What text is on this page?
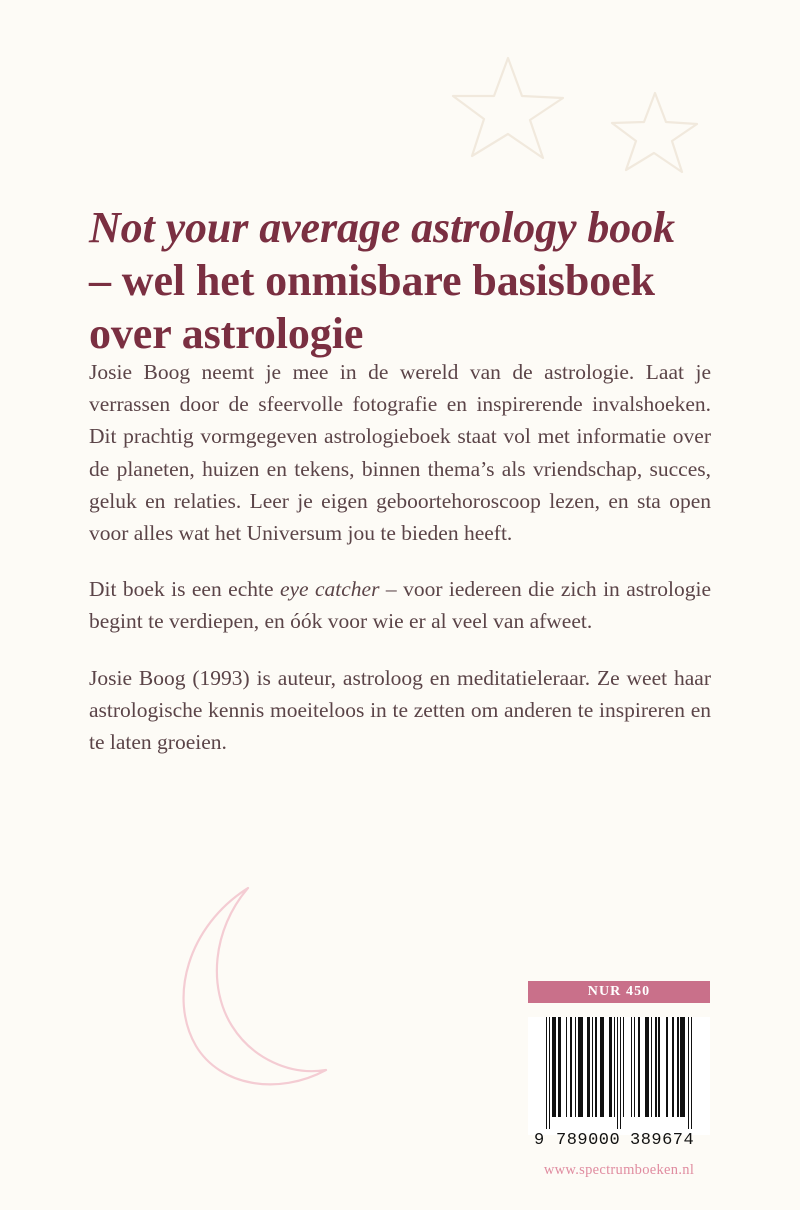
Not your average astrology book
– wel het onmisbare basisboek
over astrologie

Josie Boog neemt je mee in de wereld van de astrologie. Laat je verrassen door de sfeervolle fotografie en inspirerende invalshoeken. Dit prachtig vormgegeven astrologieboek staat vol met informatie over de planeten, huizen en tekens, binnen thema’s als vriendschap, succes, geluk en relaties. Leer je eigen geboortehoroscoop lezen, en sta open voor alles wat het Universum jou te bieden heeft.

Dit boek is een echte eye catcher – voor iedereen die zich in astrologie begint te verdiepen, en óók voor wie er al veel van afweet.

Josie Boog (1993) is auteur, astroloog en meditatieleraar. Ze weet haar astrologische kennis moeiteloos in te zetten om anderen te inspireren en te laten groeien.

NUR 450
9 789000 389674
www.spectrumboeken.nl
